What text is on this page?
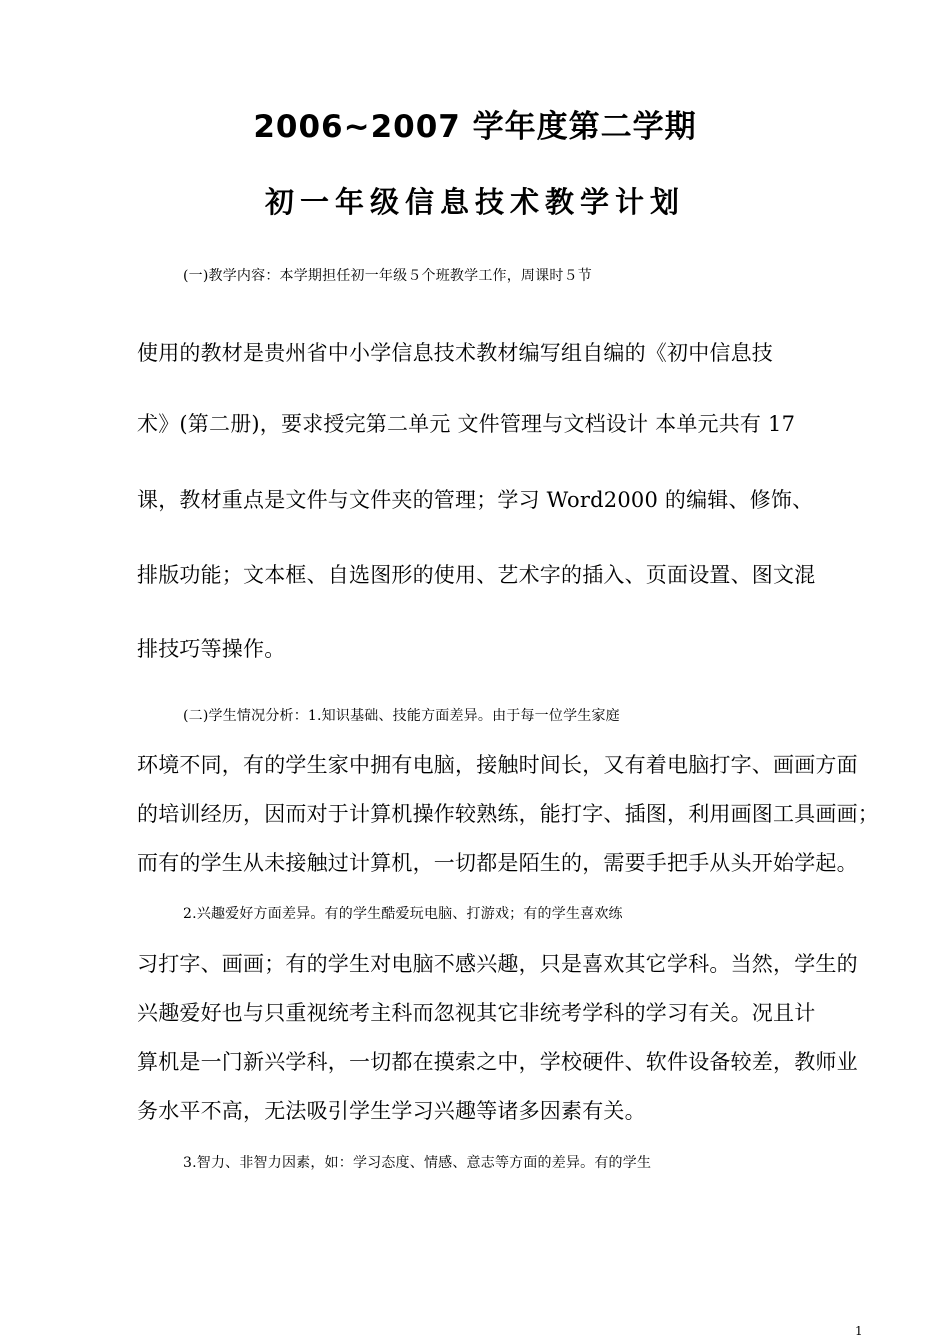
2006~2007 学年度第二学期
初一年级信息技术教学计划
(一)教学内容：本学期担任初一年级５个班教学工作，周课时５节
使用的教材是贵州省中小学信息技术教材编写组自编的《初中信息技
术》(第二册)，要求授完第二单元 文件管理与文档设计 本单元共有 17
课，教材重点是文件与文件夹的管理；学习 Word2000 的编辑、修饰、
排版功能；文本框、自选图形的使用、艺术字的插入、页面设置、图文混
排技巧等操作。
(二)学生情况分析：1.知识基础、技能方面差异。由于每一位学生家庭
环境不同，有的学生家中拥有电脑，接触时间长，又有着电脑打字、画画方面
的培训经历，因而对于计算机操作较熟练，能打字、插图，利用画图工具画画；
而有的学生从未接触过计算机，一切都是陌生的，需要手把手从头开始学起。
2.兴趣爱好方面差异。有的学生酷爱玩电脑、打游戏；有的学生喜欢练
习打字、画画；有的学生对电脑不感兴趣，只是喜欢其它学科。当然，学生的
兴趣爱好也与只重视统考主科而忽视其它非统考学科的学习有关。况且计
算机是一门新兴学科，一切都在摸索之中，学校硬件、软件设备较差，教师业
务水平不高，无法吸引学生学习兴趣等诸多因素有关。
3.智力、非智力因素，如：学习态度、情感、意志等方面的差异。有的学生
1
